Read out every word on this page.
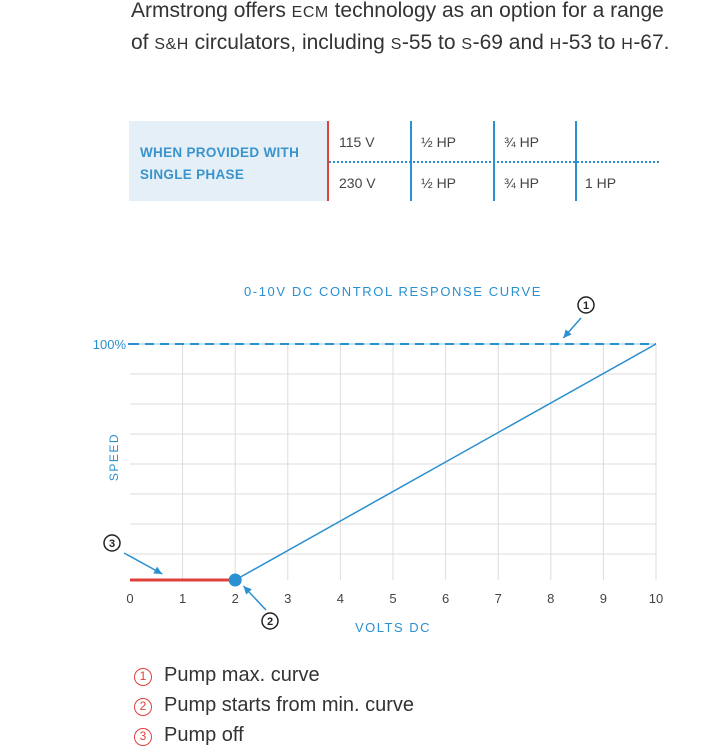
Armstrong offers ECM technology as an option for a range of S&H circulators, including S-55 to S-69 and H-53 to H-67.

WHEN PROVIDED WITH
SINGLE PHASE
115 V	½ HP	¾ HP
230 V	½ HP	¾ HP	1 HP
0	1	2	3	4	5	6	7	8	9	10
100%
0-10V DC CONTROL RESPONSE CURVE
VOLTS DC
SPEED
1
2
3
1 Pump max. curve
2 Pump starts from min. curve
3 Pump off
